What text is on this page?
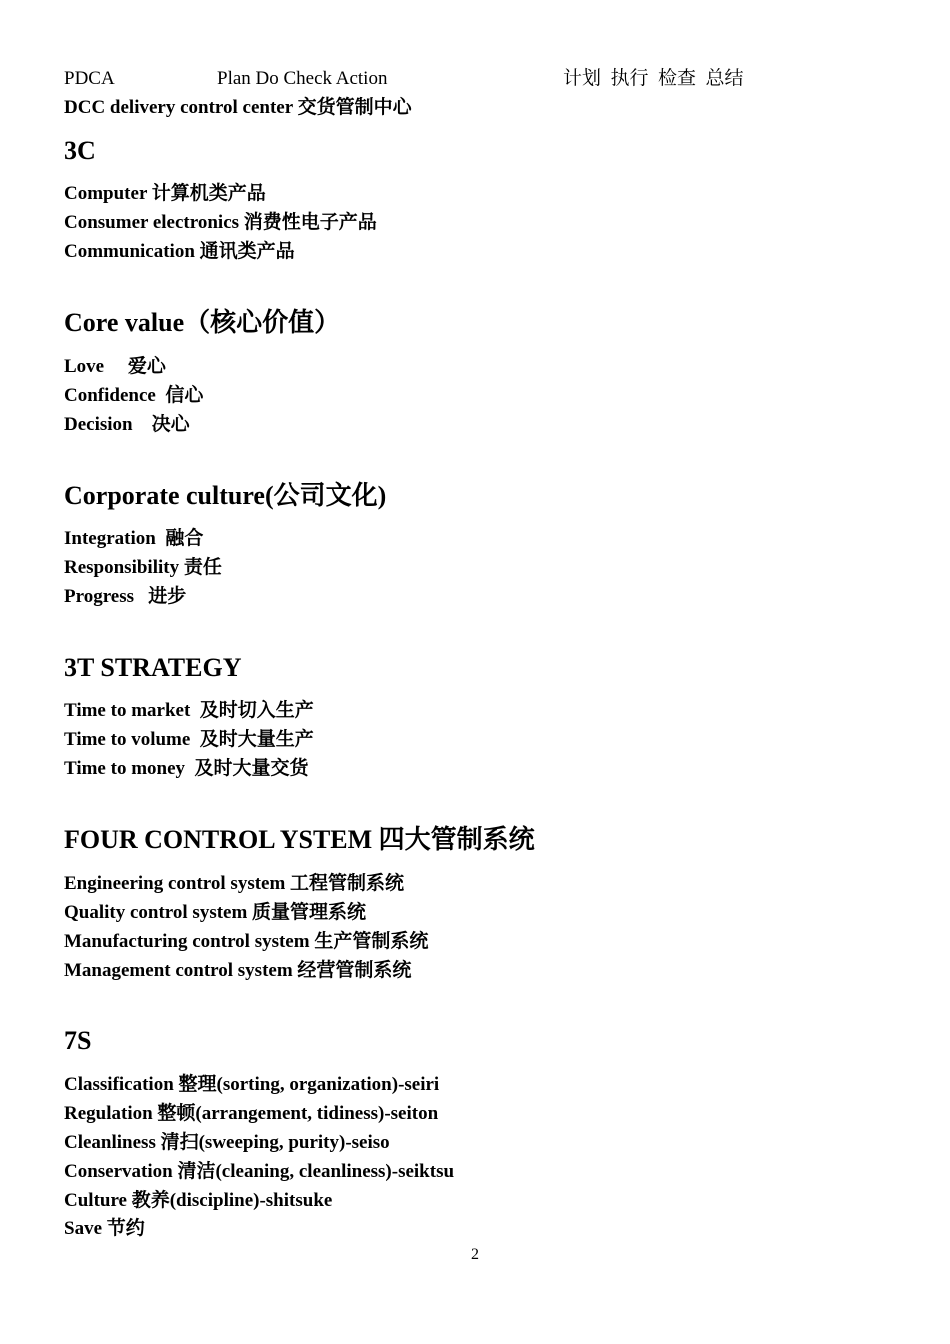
PDCA	Plan Do Check Action	计划  执行  检查  总结
DCC delivery control center 交货管制中心
3C
Computer 计算机类产品
Consumer electronics 消费性电子产品
Communication 通讯类产品
Core value（核心价值）
Love     爱心
Confidence  信心
Decision    决心
Corporate culture(公司文化)
Integration  融合
Responsibility 责任
Progress   进步
3T STRATEGY
Time to market  及时切入生产
Time to volume  及时大量生产
Time to money  及时大量交货
FOUR CONTROL YSTEM 四大管制系统
Engineering control system 工程管制系统
Quality control system 质量管理系统
Manufacturing control system 生产管制系统
Management control system 经营管制系统
7S
Classification 整理(sorting, organization)-seiri
Regulation 整顿(arrangement, tidiness)-seiton
Cleanliness 清扫(sweeping, purity)-seiso
Conservation 清洁(cleaning, cleanliness)-seiktsu
Culture 教养(discipline)-shitsuke
Save 节约
2
